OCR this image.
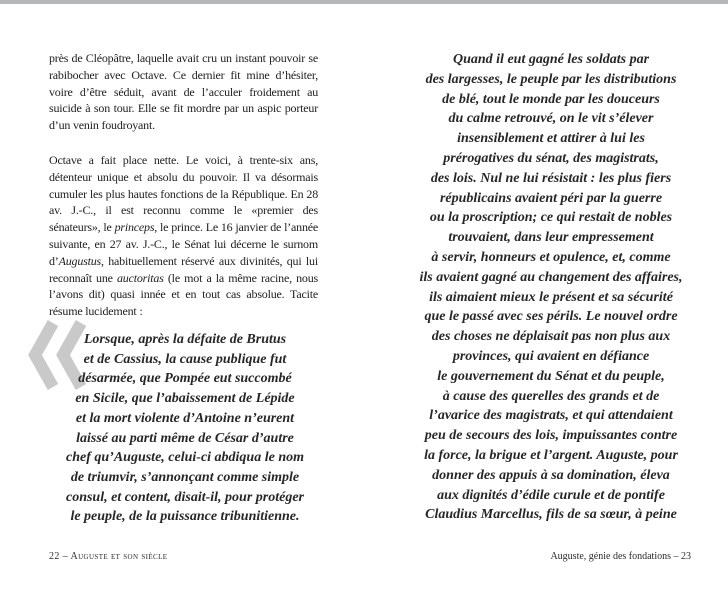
près de Cléopâtre, laquelle avait cru un instant pouvoir se rabibocher avec Octave. Ce dernier fit mine d’hésiter, voire d’être séduit, avant de l’acculer froidement au suicide à son tour. Elle se fit mordre par un aspic porteur d’un venin foudroyant.

Octave a fait place nette. Le voici, à trente-six ans, détenteur unique et absolu du pouvoir. Il va désormais cumuler les plus hautes fonctions de la République. En 28 av. J.-C., il est reconnu comme le «premier des sénateurs», le princeps, le prince. Le 16 janvier de l’année suivante, en 27 av. J.-C., le Sénat lui décerne le surnom d’Augustus, habituellement réservé aux divinités, qui lui reconnaît une auctoritas (le mot a la même racine, nous l’avons dit) quasi innée et en tout cas absolue. Tacite résume lucidement :

Lorsque, après la défaite de Brutus
et de Cassius, la cause publique fut
désarmée, que Pompée eut succombé
en Sicile, que l’abaissement de Lépide
et la mort violente d’Antoine n’eurent
laissé au parti même de César d’autre
chef qu’Auguste, celui-ci abdiqua le nom
de triumvir, s’annonçant comme simple
consul, et content, disait-il, pour protéger
le peuple, de la puissance tribunitienne.
22 – Auguste et son siècle
Quand il eut gagné les soldats par
des largesses, le peuple par les distributions
de blé, tout le monde par les douceurs
du calme retrouvé, on le vit s’élever
insensiblement et attirer à lui les
prérogatives du sénat, des magistrats,
des lois. Nul ne lui résistait : les plus fiers
républicains avaient péri par la guerre
ou la proscription; ce qui restait de nobles
trouvaient, dans leur empressement
à servir, honneurs et opulence, et, comme
ils avaient gagné au changement des affaires,
ils aimaient mieux le présent et sa sécurité
que le passé avec ses périls. Le nouvel ordre
des choses ne déplaisait pas non plus aux
provinces, qui avaient en défiance
le gouvernement du Sénat et du peuple,
à cause des querelles des grands et de
l’avarice des magistrats, et qui attendaient
peu de secours des lois, impuissantes contre
la force, la brigue et l’argent. Auguste, pour
donner des appuis à sa domination, éleva
aux dignités d’édile curule et de pontife
Claudius Marcellus, fils de sa sœur, à peine
Auguste, génie des fondations – 23
